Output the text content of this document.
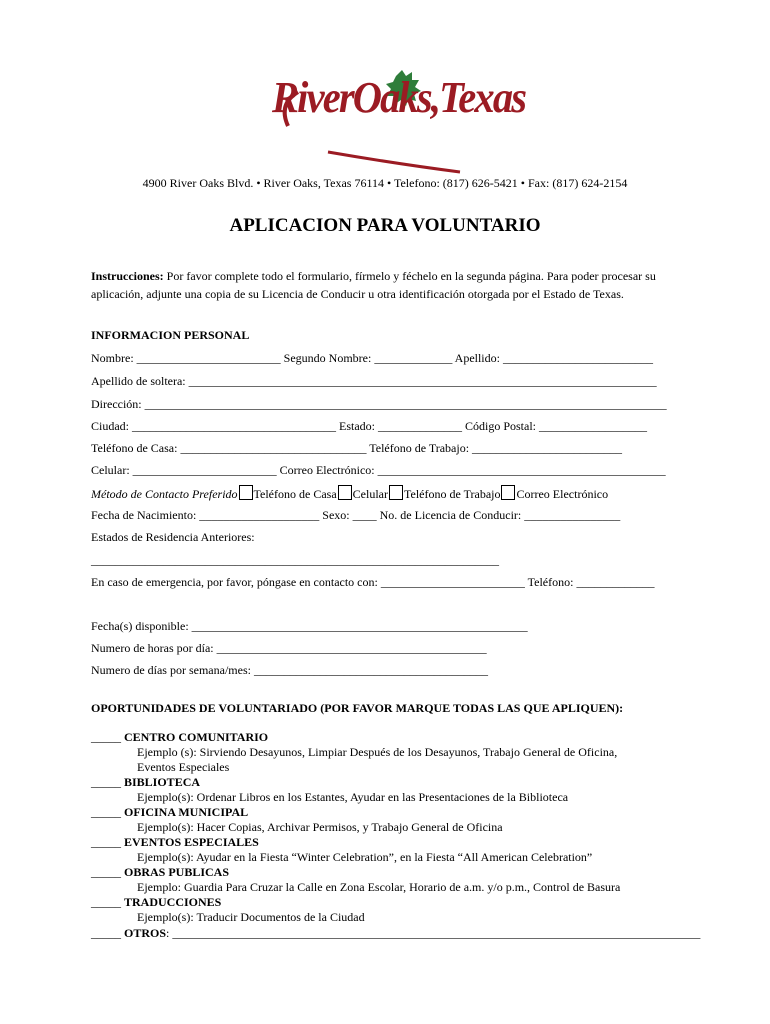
RiverOaks,Texas
4900 River Oaks Blvd. • River Oaks, Texas 76114 • Telefono: (817) 626-5421 • Fax: (817) 624-2154
APLICACION PARA VOLUNTARIO
Instrucciones: Por favor complete todo el formulario, fírmelo y féchelo en la segunda página. Para poder procesar su aplicación, adjunte una copia de su Licencia de Conducir u otra identificación otorgada por el Estado de Texas.
INFORMACION PERSONAL
Nombre: ________________________ Segundo Nombre: _____________ Apellido: _________________________
Apellido de soltera: ______________________________________________________________________________
Dirección: _______________________________________________________________________________________
Ciudad: __________________________________ Estado: ______________ Código Postal: __________________
Teléfono de Casa: _______________________________ Teléfono de Trabajo: _________________________
Celular: ________________________ Correo Electrónico: ________________________________________________
Método de Contacto Preferido Teléfono de Casa Celular Teléfono de Trabajo Correo Electrónico
Fecha de Nacimiento: ____________________ Sexo: ____ No. de Licencia de Conducir: ________________
Estados de Residencia Anteriores:
____________________________________________________________________
En caso de emergencia, por favor, póngase en contacto con: ________________________ Teléfono: _____________
Fecha(s) disponible: ________________________________________________________
Numero de horas por día: _____________________________________________
Numero de días por semana/mes: _______________________________________
OPORTUNIDADES DE VOLUNTARIADO (POR FAVOR MARQUE TODAS LAS QUE APLIQUEN):
_____ CENTRO COMUNITARIO
Ejemplo (s): Sirviendo Desayunos, Limpiar Después de los Desayunos, Trabajo General de Oficina,
Eventos Especiales
_____ BIBLIOTECA
Ejemplo(s): Ordenar Libros en los Estantes, Ayudar en las Presentaciones de la Biblioteca
_____ OFICINA MUNICIPAL
Ejemplo(s): Hacer Copias, Archivar Permisos, y Trabajo General de Oficina
_____ EVENTOS ESPECIALES
Ejemplo(s): Ayudar en la Fiesta “Winter Celebration”, en la Fiesta “All American Celebration”
_____ OBRAS PUBLICAS
Ejemplo: Guardia Para Cruzar la Calle en Zona Escolar, Horario de a.m. y/o p.m., Control de Basura
_____ TRADUCCIONES
Ejemplo(s): Traducir Documentos de la Ciudad
_____ OTROS: ________________________________________________________________________________________
